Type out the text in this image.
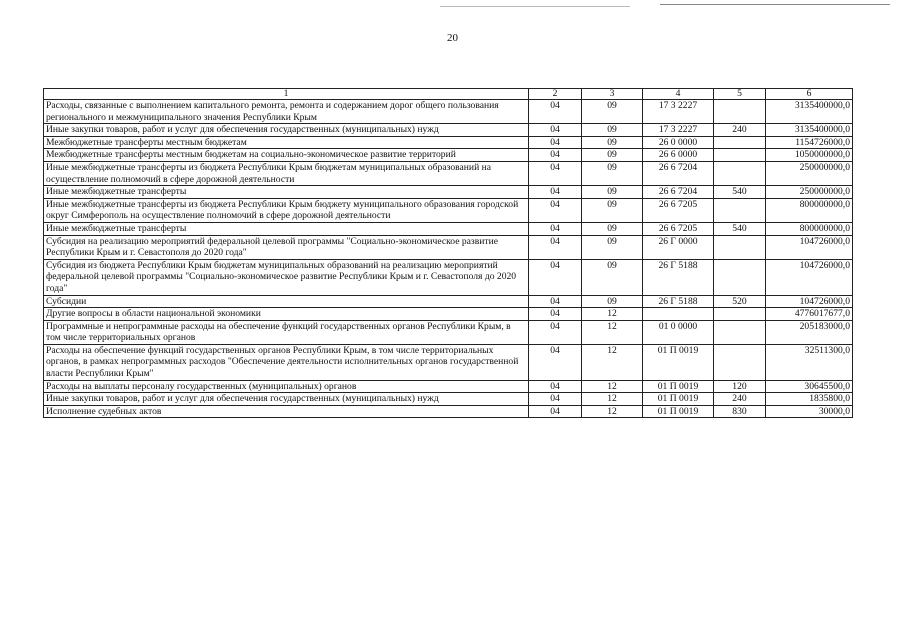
20
1	2	3	4	5	6
Расходы, связанные с выполнением капитального ремонта, ремонта и содержанием дорог общего пользования регионального и межмуниципального значения Республики Крым	04	09	17 3 2227		3135400000,0
Иные закупки товаров, работ и услуг для обеспечения государственных (муниципальных) нужд	04	09	17 3 2227	240	3135400000,0
Межбюджетные трансферты местным бюджетам	04	09	26 0 0000		1154726000,0
Межбюджетные трансферты местным бюджетам на социально-экономическое развитие территорий	04	09	26 6 0000		1050000000,0
Иные межбюджетные трансферты из бюджета Республики Крым бюджетам муниципальных образований на осуществление полномочий в сфере дорожной деятельности	04	09	26 6 7204		250000000,0
Иные межбюджетные трансферты	04	09	26 6 7204	540	250000000,0
Иные межбюджетные трансферты из бюджета Республики Крым бюджету муниципального образования городской округ Симферополь на осуществление полномочий в сфере дорожной деятельности	04	09	26 6 7205		800000000,0
Иные межбюджетные трансферты	04	09	26 6 7205	540	800000000,0
Субсидия на реализацию мероприятий федеральной целевой программы "Социально-экономическое развитие Республики Крым и г. Севастополя до 2020 года"	04	09	26 Г 0000		104726000,0
Субсидия из бюджета Республики Крым бюджетам муниципальных образований на реализацию мероприятий федеральной целевой программы "Социально-экономическое развитие Республики Крым и г. Севастополя до 2020 года"	04	09	26 Г 5188		104726000,0
Субсидии	04	09	26 Г 5188	520	104726000,0
Другие вопросы в области национальной экономики	04	12			4776017677,0
Программные и непрограммные расходы на обеспечение функций государственных органов Республики Крым, в том числе территориальных органов	04	12	01 0 0000		205183000,0
Расходы на обеспечение функций государственных органов Республики Крым, в том числе территориальных органов, в рамках непрограммных расходов "Обеспечение деятельности исполнительных органов государственной власти Республики Крым"	04	12	01 П 0019		32511300,0
Расходы на выплаты персоналу государственных (муниципальных) органов	04	12	01 П 0019	120	30645500,0
Иные закупки товаров, работ и услуг для обеспечения государственных (муниципальных) нужд	04	12	01 П 0019	240	1835800,0
Исполнение судебных актов	04	12	01 П 0019	830	30000,0
